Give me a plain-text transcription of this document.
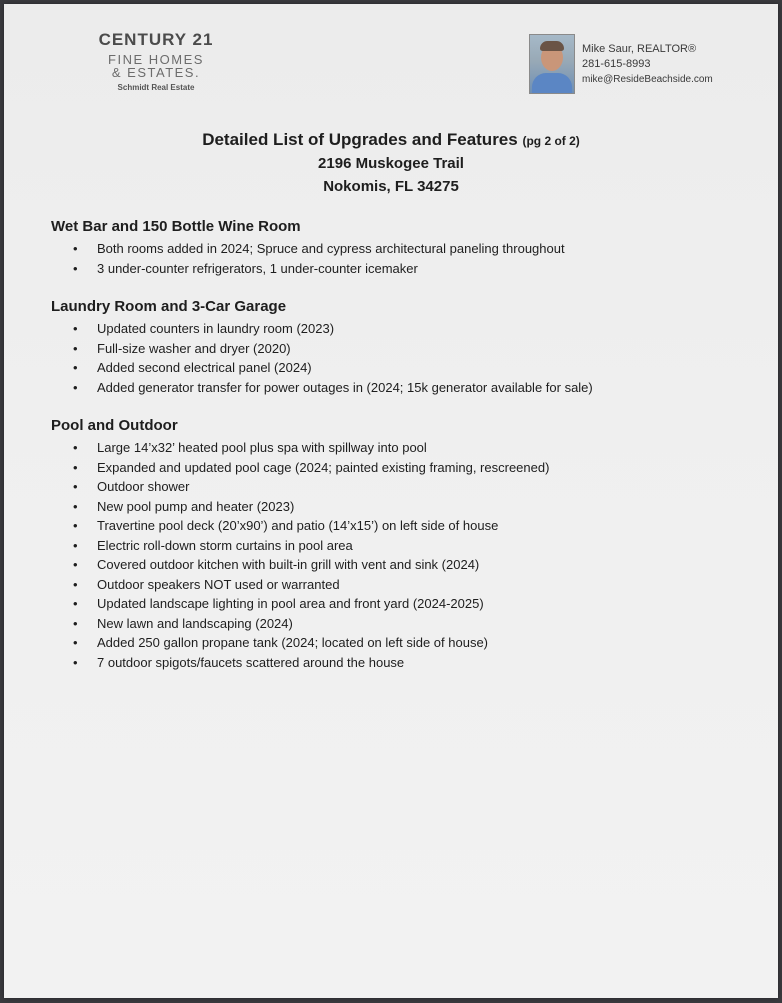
CENTURY 21
FINE HOMES
& ESTATES.
Schmidt Real Estate
Mike Saur, REALTOR®
281-615-8993
mike@ResideBeachside.com
Detailed List of Upgrades and Features (pg 2 of 2)
2196 Muskogee Trail
Nokomis, FL 34275
Wet Bar and 150 Bottle Wine Room
• Both rooms added in 2024; Spruce and cypress architectural paneling throughout
• 3 under-counter refrigerators, 1 under-counter icemaker
Laundry Room and 3-Car Garage
• Updated counters in laundry room (2023)
• Full-size washer and dryer (2020)
• Added second electrical panel (2024)
• Added generator transfer for power outages in (2024; 15k generator available for sale)
Pool and Outdoor
• Large 14’x32’ heated pool plus spa with spillway into pool
• Expanded and updated pool cage (2024; painted existing framing, rescreened)
• Outdoor shower
• New pool pump and heater (2023)
• Travertine pool deck (20’x90’) and patio (14’x15’) on left side of house
• Electric roll-down storm curtains in pool area
• Covered outdoor kitchen with built-in grill with vent and sink (2024)
• Outdoor speakers NOT used or warranted
• Updated landscape lighting in pool area and front yard (2024-2025)
• New lawn and landscaping (2024)
• Added 250 gallon propane tank (2024; located on left side of house)
• 7 outdoor spigots/faucets scattered around the house
